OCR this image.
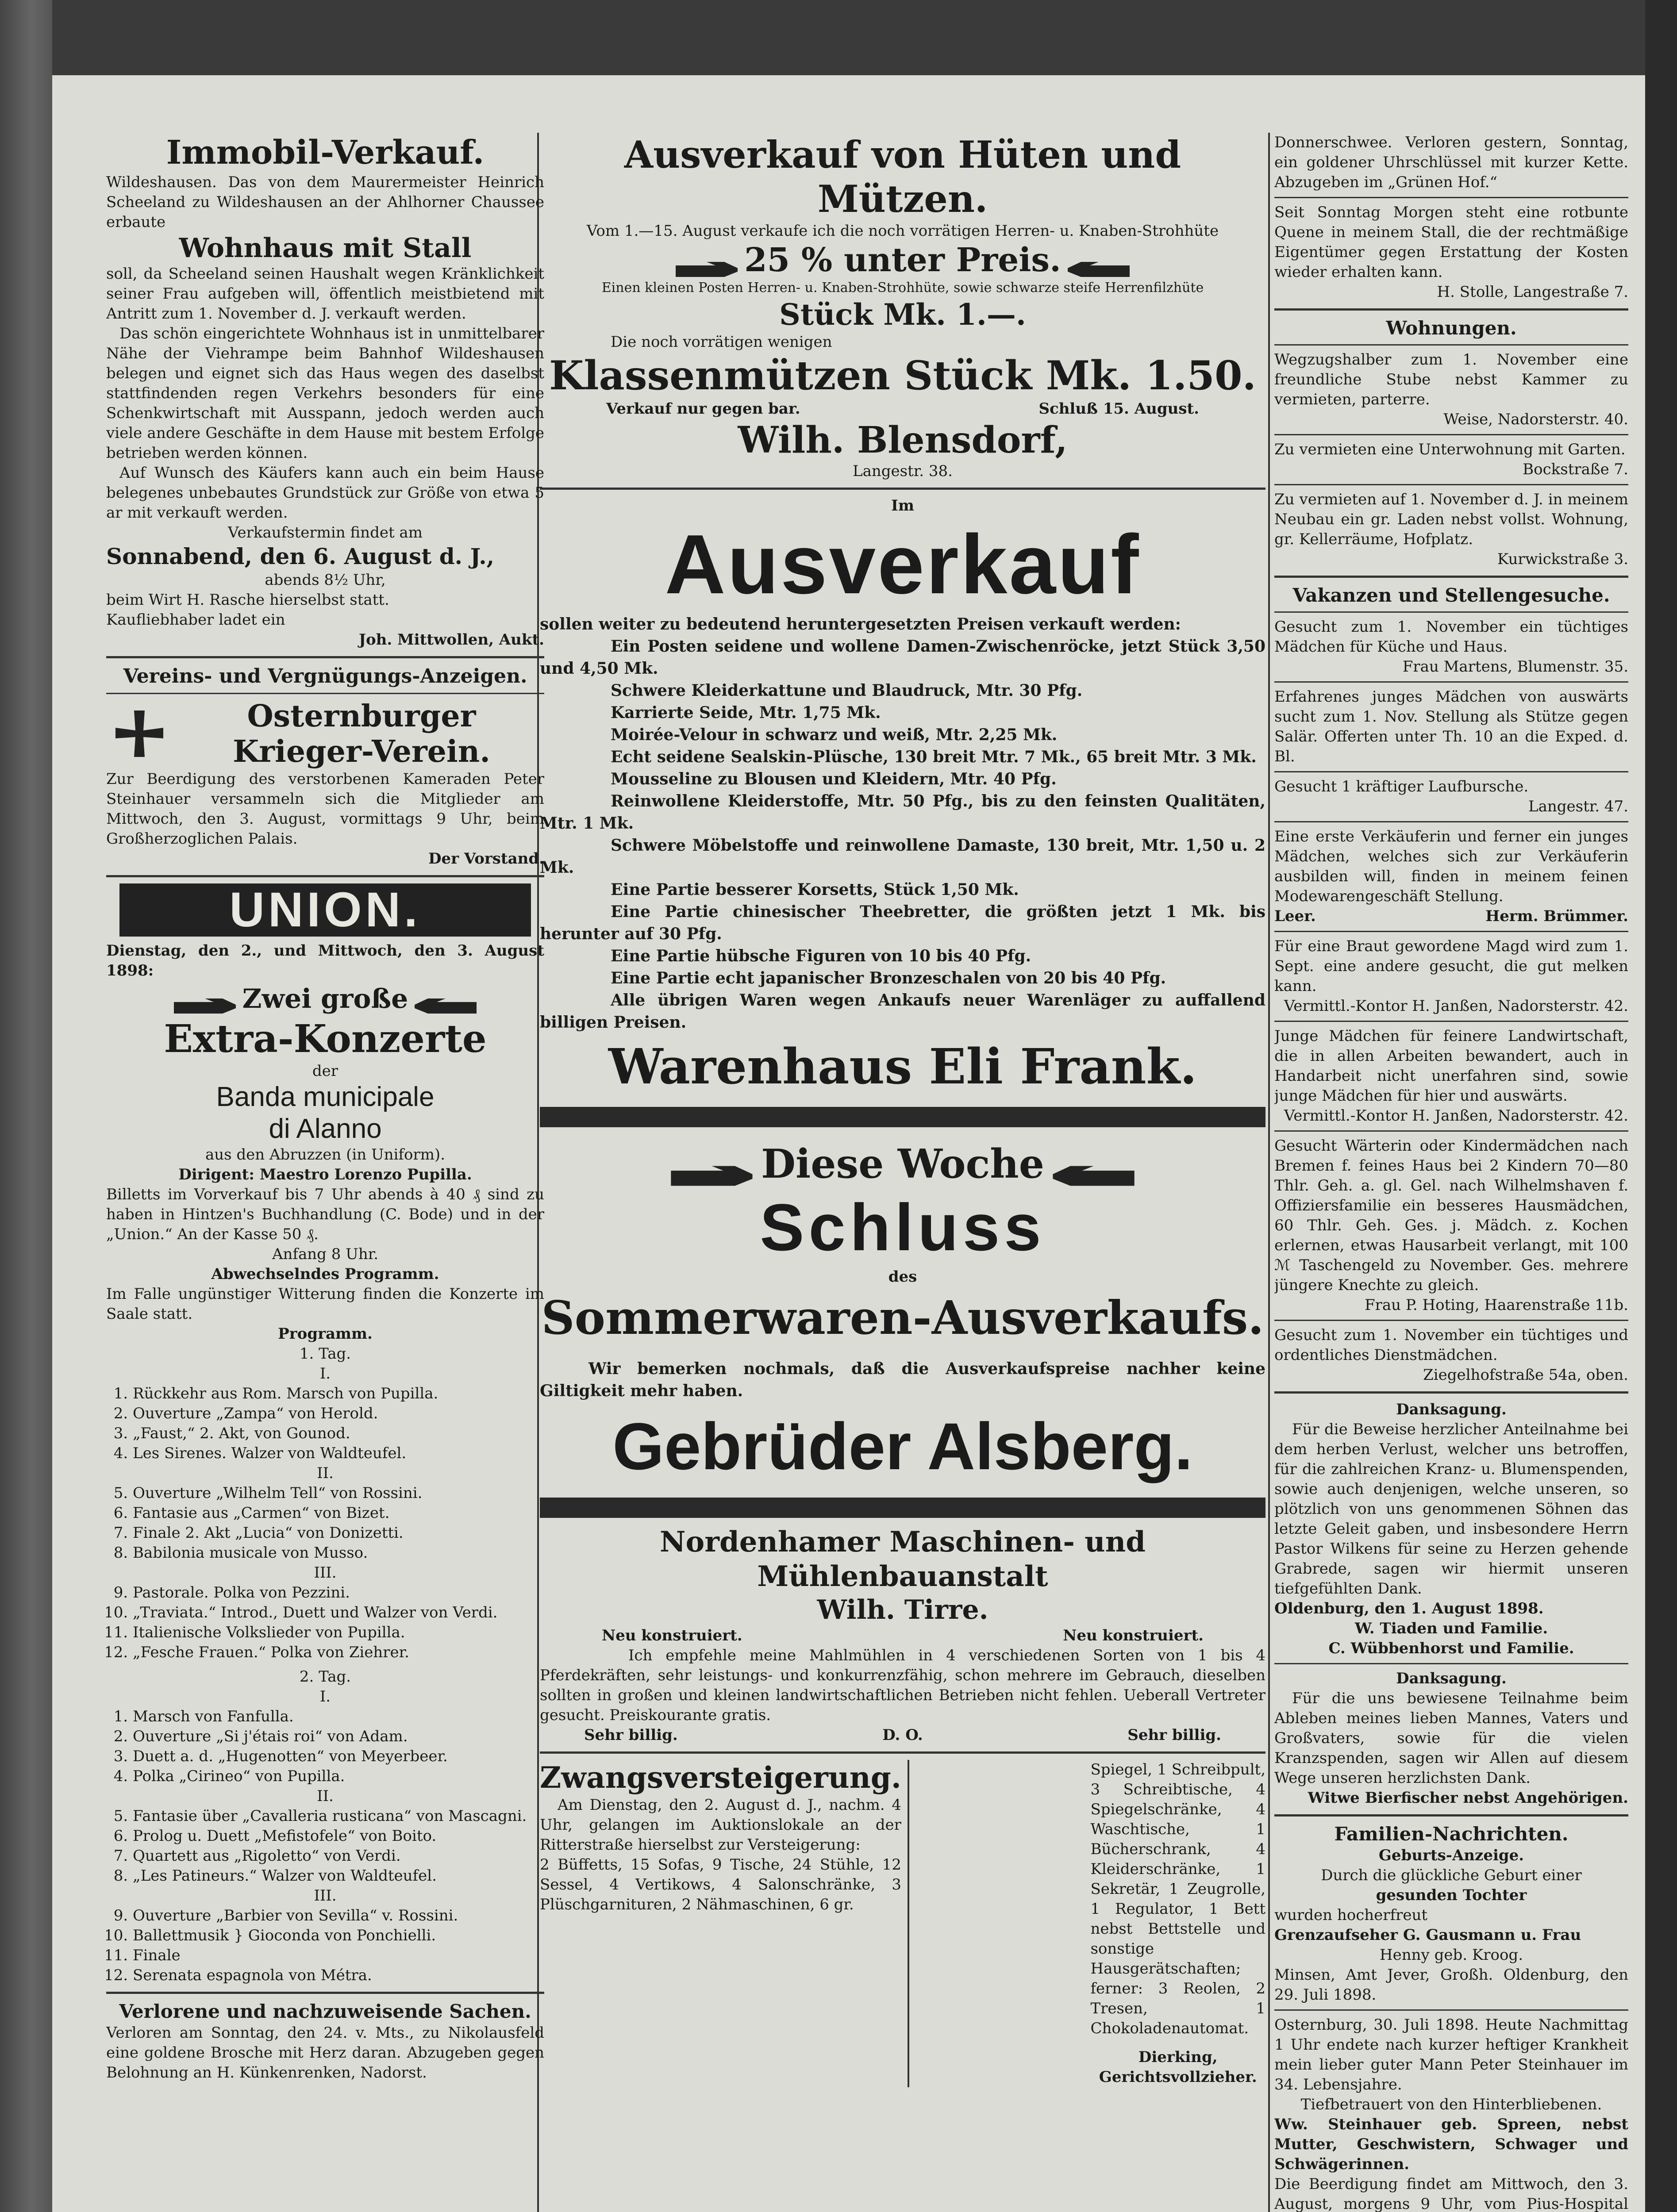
Immobil-Verkauf.

Wildeshausen. Das von dem Maurermeister Heinrich Scheeland zu Wildeshausen an der Ahlhorner Chaussee erbaute

Wohnhaus mit Stall

soll, da Scheeland seinen Haushalt wegen Kränklichkeit seiner Frau aufgeben will, öffentlich meistbietend mit Antritt zum 1. November d. J. verkauft werden.

Das schön eingerichtete Wohnhaus ist in unmittelbarer Nähe der Viehrampe beim Bahnhof Wildeshausen belegen und eignet sich das Haus wegen des daselbst stattfindenden regen Verkehrs besonders für eine Schenkwirtschaft mit Ausspann, jedoch werden auch viele andere Geschäfte in dem Hause mit bestem Erfolge betrieben werden können.

Auf Wunsch des Käufers kann auch ein beim Hause belegenes unbebautes Grundstück zur Größe von etwa 5 ar mit verkauft werden.

Verkaufstermin findet am

Sonnabend, den 6. August d. J.,

abends 8½ Uhr,

beim Wirt H. Rasche hierselbst statt.

Kaufliebhaber ladet ein

Joh. Mittwollen, Aukt.

Vereins- und Vergnügungs-Anzeigen.

Osternburger Krieger-Verein.

Zur Beerdigung des verstorbenen Kameraden Peter Steinhauer versammeln sich die Mitglieder am Mittwoch, den 3. August, vormittags 9 Uhr, beim Großherzoglichen Palais.

Der Vorstand.

UNION.

Dienstag, den 2., und Mittwoch, den 3. August 1898:

Zwei große

Extra-Konzerte

der

Banda municipale

di Alanno

aus den Abruzzen (in Uniform).

Dirigent: Maestro Lorenzo Pupilla.

Billetts im Vorverkauf bis 7 Uhr abends à 40 ₰ sind zu haben in Hintzen's Buchhandlung (C. Bode) und in der „Union.“ An der Kasse 50 ₰.

Anfang 8 Uhr.

Abwechselndes Programm.

Im Falle ungünstiger Witterung finden die Konzerte im Saale statt.

Programm.

1. Tag.

I.

1. Rückkehr aus Rom. Marsch von Pupilla.
2. Ouverture „Zampa“ von Herold.
3. „Faust,“ 2. Akt, von Gounod.
4. Les Sirenes. Walzer von Waldteufel.

II.

5. Ouverture „Wilhelm Tell“ von Rossini.
6. Fantasie aus „Carmen“ von Bizet.
7. Finale 2. Akt „Lucia“ von Donizetti.
8. Babilonia musicale von Musso.

III.

9. Pastorale. Polka von Pezzini.
10. „Traviata.“ Introd., Duett und Walzer von Verdi.
11. Italienische Volkslieder von Pupilla.
12. „Fesche Frauen.“ Polka von Ziehrer.

2. Tag.

I.

1. Marsch von Fanfulla.
2. Ouverture „Si j'étais roi“ von Adam.
3. Duett a. d. „Hugenotten“ von Meyerbeer.
4. Polka „Cirineo“ von Pupilla.

II.

5. Fantasie über „Cavalleria rusticana“ von Mascagni.
6. Prolog u. Duett „Mefistofele“ von Boito.
7. Quartett aus „Rigoletto“ von Verdi.
8. „Les Patineurs.“ Walzer von Waldteufel.

III.

9. Ouverture „Barbier von Sevilla“ v. Rossini.
10. Ballettmusik } Gioconda von Ponchielli.
11. Finale
12. Serenata espagnola von Métra.

Verlorene und nachzuweisende Sachen.

Verloren am Sonntag, den 24. v. Mts., zu Nikolausfeld eine goldene Brosche mit Herz daran. Abzugeben gegen Belohnung an H. Künkenrenken, Nadorst.

Ausverkauf von Hüten und Mützen.

Vom 1.—15. August verkaufe ich die noch vorrätigen Herren- u. Knaben-Strohhüte

25 % unter Preis.

Einen kleinen Posten Herren- u. Knaben-Strohhüte, sowie schwarze steife Herrenfilzhüte

Stück Mk. 1.—.

Die noch vorrätigen wenigen

Klassenmützen Stück Mk. 1.50.

Verkauf nur gegen bar.	Schluß 15. August.

Wilh. Blensdorf,

Langestr. 38.

Im

Ausverkauf

sollen weiter zu bedeutend heruntergesetzten Preisen verkauft werden:

Ein Posten seidene und wollene Damen-Zwischenröcke, jetzt Stück 3,50 und 4,50 Mk.

Schwere Kleiderkattune und Blaudruck, Mtr. 30 Pfg.

Karrierte Seide, Mtr. 1,75 Mk.

Moirée-Velour in schwarz und weiß, Mtr. 2,25 Mk.

Echt seidene Sealskin-Plüsche, 130 breit Mtr. 7 Mk., 65 breit Mtr. 3 Mk.

Mousseline zu Blousen und Kleidern, Mtr. 40 Pfg.

Reinwollene Kleiderstoffe, Mtr. 50 Pfg., bis zu den feinsten Qualitäten, Mtr. 1 Mk.

Schwere Möbelstoffe und reinwollene Damaste, 130 breit, Mtr. 1,50 u. 2 Mk.

Eine Partie besserer Korsetts, Stück 1,50 Mk.

Eine Partie chinesischer Theebretter, die größten jetzt 1 Mk. bis herunter auf 30 Pfg.

Eine Partie hübsche Figuren von 10 bis 40 Pfg.

Eine Partie echt japanischer Bronzeschalen von 20 bis 40 Pfg.

Alle übrigen Waren wegen Ankaufs neuer Warenläger zu auffallend billigen Preisen.

Warenhaus Eli Frank.

Diese Woche

Schluss

des

Sommerwaren-Ausverkaufs.

Wir bemerken nochmals, daß die Ausverkaufspreise nachher keine Giltigkeit mehr haben.

Gebrüder Alsberg.

Nordenhamer Maschinen- und Mühlenbauanstalt

Wilh. Tirre.

Neu konstruiert.	Neu konstruiert.

Ich empfehle meine Mahlmühlen in 4 verschiedenen Sorten von 1 bis 4 Pferdekräften, sehr leistungs- und konkurrenzfähig, schon mehrere im Gebrauch, dieselben sollten in großen und kleinen landwirtschaftlichen Betrieben nicht fehlen. Ueberall Vertreter gesucht. Preiskourante gratis.

Sehr billig.	D. O.	Sehr billig.

Zwangsversteigerung.

Am Dienstag, den 2. August d. J., nachm. 4 Uhr, gelangen im Auktionslokale an der Ritterstraße hierselbst zur Versteigerung:

2 Büffetts, 15 Sofas, 9 Tische, 24 Stühle, 12 Sessel, 4 Vertikows, 4 Salonschränke, 3 Plüschgarnituren, 2 Nähmaschinen, 6 gr.

Spiegel, 1 Schreibpult, 3 Schreibtische, 4 Spiegelschränke, 4 Waschtische, 1 Bücherschrank, 4 Kleiderschränke, 1 Sekretär, 1 Zeugrolle, 1 Regulator, 1 Bett nebst Bettstelle und sonstige Hausgerätschaften;

ferner: 3 Reolen, 2 Tresen, 1 Chokoladenautomat.

Dierking,

Gerichtsvollzieher.

Donnerschwee. Verloren gestern, Sonntag, ein goldener Uhrschlüssel mit kurzer Kette. Abzugeben im „Grünen Hof.“

Seit Sonntag Morgen steht eine rotbunte Quene in meinem Stall, die der rechtmäßige Eigentümer gegen Erstattung der Kosten wieder erhalten kann.

H. Stolle, Langestraße 7.

Wohnungen.

Wegzugshalber zum 1. November eine freundliche Stube nebst Kammer zu vermieten, parterre.

Weise, Nadorsterstr. 40.

Zu vermieten eine Unterwohnung mit Garten.

Bockstraße 7.

Zu vermieten auf 1. November d. J. in meinem Neubau ein gr. Laden nebst vollst. Wohnung, gr. Kellerräume, Hofplatz.

Kurwickstraße 3.

Vakanzen und Stellengesuche.

Gesucht zum 1. November ein tüchtiges Mädchen für Küche und Haus.

Frau Martens, Blumenstr. 35.

Erfahrenes junges Mädchen von auswärts sucht zum 1. Nov. Stellung als Stütze gegen Salär. Offerten unter Th. 10 an die Exped. d. Bl.

Gesucht 1 kräftiger Laufbursche.

Langestr. 47.

Eine erste Verkäuferin und ferner ein junges Mädchen, welches sich zur Verkäuferin ausbilden will, finden in meinem feinen Modewarengeschäft Stellung.

Leer.	Herm. Brümmer.

Für eine Braut gewordene Magd wird zum 1. Sept. eine andere gesucht, die gut melken kann.

Vermittl.-Kontor H. Janßen, Nadorsterstr. 42.

Junge Mädchen für feinere Landwirtschaft, die in allen Arbeiten bewandert, auch in Handarbeit nicht unerfahren sind, sowie junge Mädchen für hier und auswärts.

Vermittl.-Kontor H. Janßen, Nadorsterstr. 42.

Gesucht Wärterin oder Kindermädchen nach Bremen f. feines Haus bei 2 Kindern 70—80 Thlr. Geh. a. gl. Gel. nach Wilhelmshaven f. Offiziersfamilie ein besseres Hausmädchen, 60 Thlr. Geh. Ges. j. Mädch. z. Kochen erlernen, etwas Hausarbeit verlangt, mit 100 ℳ Taschengeld zu November. Ges. mehrere jüngere Knechte zu gleich.

Frau P. Hoting, Haarenstraße 11b.

Gesucht zum 1. November ein tüchtiges und ordentliches Dienstmädchen.

Ziegelhofstraße 54a, oben.

Danksagung.

Für die Beweise herzlicher Anteilnahme bei dem herben Verlust, welcher uns betroffen, für die zahlreichen Kranz- u. Blumenspenden, sowie auch denjenigen, welche unseren, so plötzlich von uns genommenen Söhnen das letzte Geleit gaben, und insbesondere Herrn Pastor Wilkens für seine zu Herzen gehende Grabrede, sagen wir hiermit unseren tiefgefühlten Dank.

Oldenburg, den 1. August 1898.

W. Tiaden und Familie.

C. Wübbenhorst und Familie.

Danksagung.

Für die uns bewiesene Teilnahme beim Ableben meines lieben Mannes, Vaters und Großvaters, sowie für die vielen Kranzspenden, sagen wir Allen auf diesem Wege unseren herzlichsten Dank.

Witwe Bierfischer nebst Angehörigen.

Familien-Nachrichten.

Geburts-Anzeige.

Durch die glückliche Geburt einer

gesunden Tochter

wurden hocherfreut

Grenzaufseher G. Gausmann u. Frau

Henny geb. Kroog.

Minsen, Amt Jever, Großh. Oldenburg, den 29. Juli 1898.

Osternburg, 30. Juli 1898. Heute Nachmittag 1 Uhr endete nach kurzer heftiger Krankheit mein lieber guter Mann Peter Steinhauer im 34. Lebensjahre.

Tiefbetrauert von den Hinterbliebenen.

Ww. Steinhauer geb. Spreen, nebst Mutter, Geschwistern, Schwager und Schwägerinnen.

Die Beerdigung findet am Mittwoch, den 3. August, morgens 9 Uhr, vom Pius-Hospital
